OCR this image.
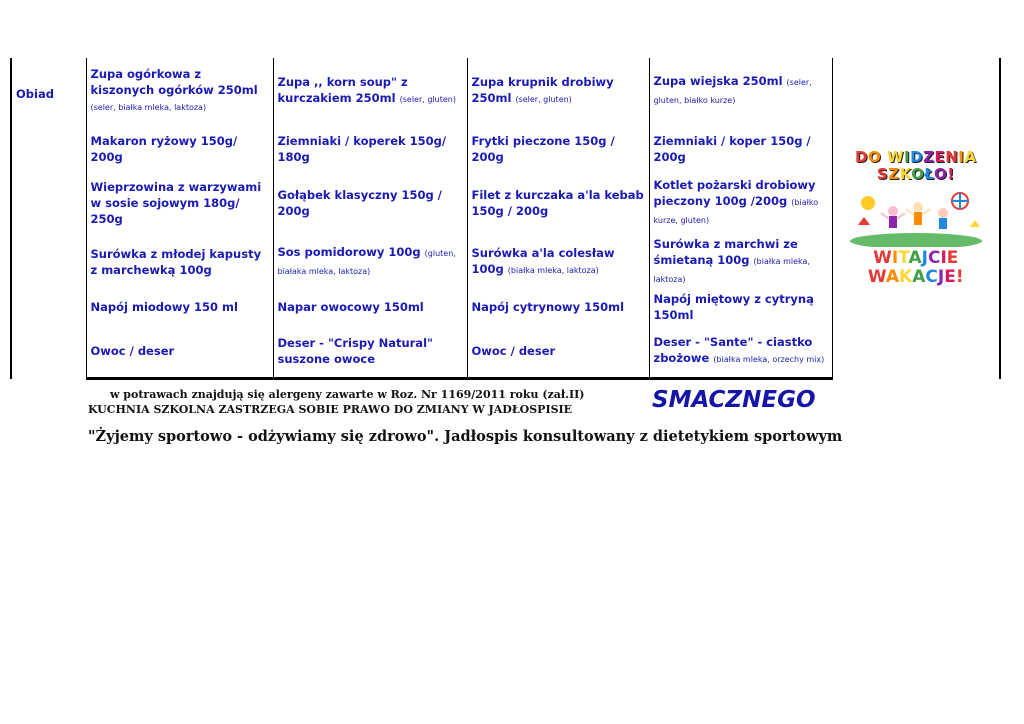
Obiad	Zupa ogórkowa z kiszonych ogórków 250ml (seler, białka mleka, laktoza)	Zupa ,, korn soup" z kurczakiem 250ml (seler, gluten)	Zupa krupnik drobiwy 250ml (seler, gluten)	Zupa wiejska 250ml (seler, gluten, białko kurze)	DO WIDZENIA
SZKOŁO!
WITAJCIE
WAKACJE!

	Makaron ryżowy 150g/ 200g	Ziemniaki / koperek 150g/ 180g	Frytki pieczone 150g / 200g	Ziemniaki / koper 150g / 200g	
	Wieprzowina z warzywami w sosie sojowym 180g/ 250g	Gołąbek klasyczny 150g / 200g	Filet z kurczaka a'la kebab 150g / 200g	Kotlet pożarski drobiowy pieczony 100g /200g (białko kurze, gluten)	
	Surówka z młodej kapusty z marchewką 100g	Sos pomidorowy 100g (gluten, białaka mleka, laktoza)	Surówka a'la colesław 100g (białka mleka, laktoza)	Surówka z marchwi ze śmietaną 100g (białka mleka, laktoza)	
	Napój miodowy 150 ml	Napar owocowy 150ml	Napój cytrynowy 150ml	Napój miętowy z cytryną 150ml	
	Owoc / deser	Deser - "Crispy Natural" suszone owoce	Owoc / deser	Deser - "Sante" - ciastko zbożowe (białka mleka, orzechy mix)	
w potrawach znajdują się alergeny zawarte w Roz. Nr 1169/2011 roku (zał.II)
KUCHNIA SZKOLNA ZASTRZEGA SOBIE PRAWO DO ZMIANY W JADŁOSPISIE	SMACZNEGO
"Żyjemy sportowo - odżywiamy się zdrowo". Jadłospis konsultowany z dietetykiem sportowym
